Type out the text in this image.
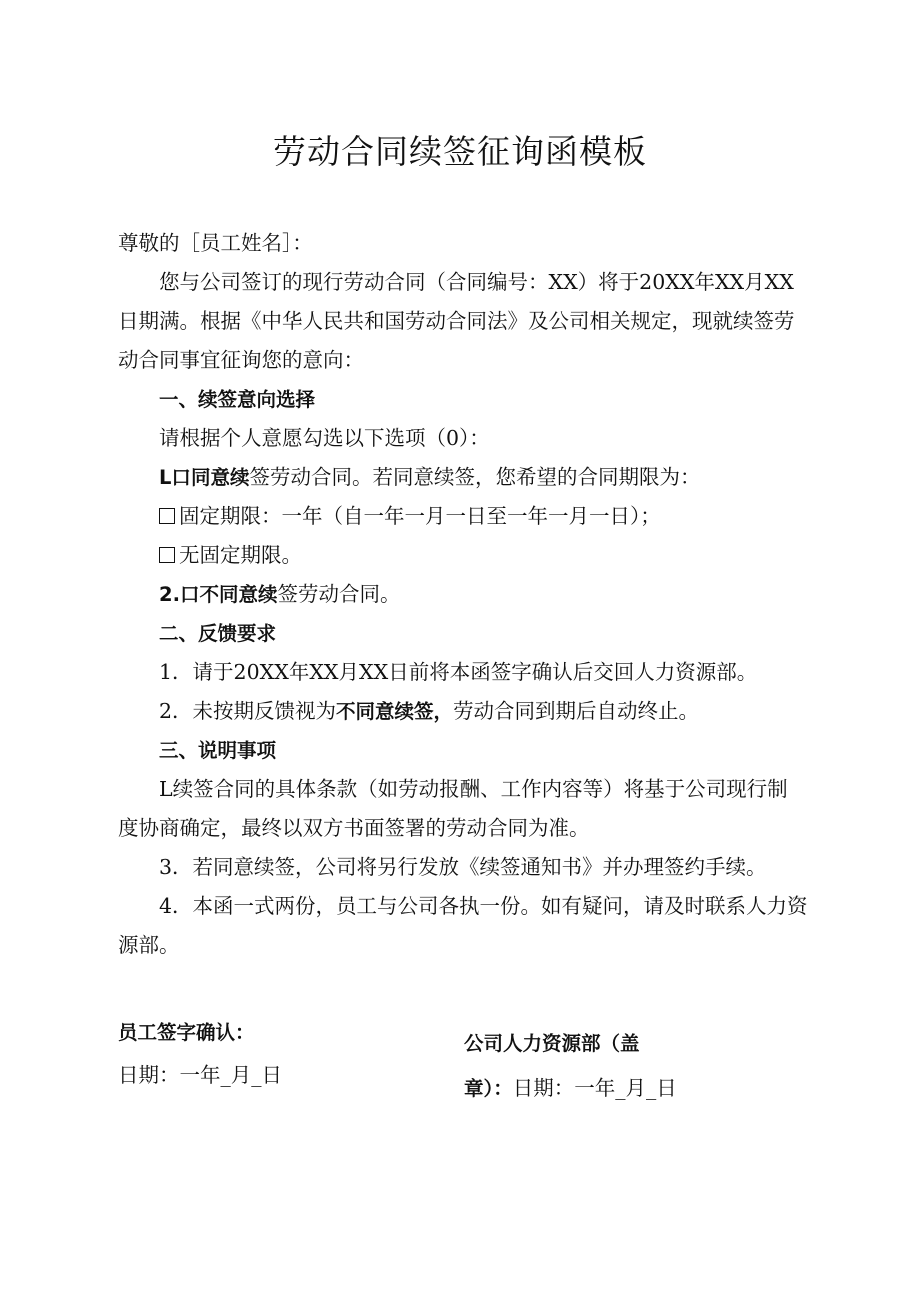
劳动合同续签征询函模板

尊敬的［员工姓名］：

您与公司签订的现行劳动合同（合同编号：XX）将于20XX年XX月XX日期满。根据《中华人民共和国劳动合同法》及公司相关规定，现就续签劳动合同事宜征询您的意向：

一、续签意向选择

请根据个人意愿勾选以下选项（0）：

L口同意续签劳动合同。若同意续签，您希望的合同期限为：

固定期限：一年（自一年一月一日至一年一月一日）；

无固定期限。

2.口不同意续签劳动合同。

二、反馈要求

1．请于20XX年XX月XX日前将本函签字确认后交回人力资源部。

2．未按期反馈视为不同意续签，劳动合同到期后自动终止。

三、说明事项

L续签合同的具体条款（如劳动报酬、工作内容等）将基于公司现行制度协商确定，最终以双方书面签署的劳动合同为准。

3．若同意续签，公司将另行发放《续签通知书》并办理签约手续。

4．本函一式两份，员工与公司各执一份。如有疑问，请及时联系人力资源部。

员工签字确认：
日期：一年_月_日
公司人力资源部（盖
章）：日期：一年_月_日
